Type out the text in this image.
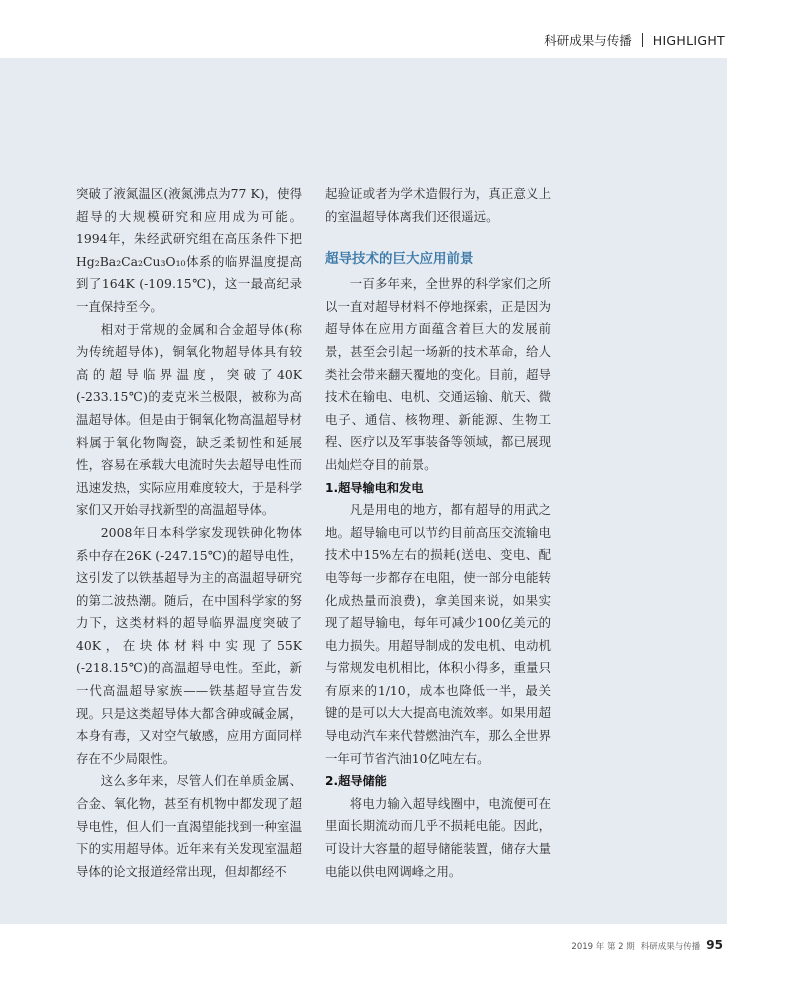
科研成果与传播 HIGHLIGHT

突破了液氮温区(液氮沸点为77 K)，使得超导的大规模研究和应用成为可能。1994年，朱经武研究组在高压条件下把Hg₂Ba₂Ca₂Cu₃O₁₀体系的临界温度提高到了164K (-109.15℃)，这一最高纪录一直保持至今。

相对于常规的金属和合金超导体(称为传统超导体)，铜氧化物超导体具有较高的超导临界温度，突破了40K (-233.15℃)的麦克米兰极限，被称为高温超导体。但是由于铜氧化物高温超导材料属于氧化物陶瓷，缺乏柔韧性和延展性，容易在承载大电流时失去超导电性而迅速发热，实际应用难度较大，于是科学家们又开始寻找新型的高温超导体。

2008年日本科学家发现铁砷化物体系中存在26K (-247.15℃)的超导电性，这引发了以铁基超导为主的高温超导研究的第二波热潮。随后，在中国科学家的努力下，这类材料的超导临界温度突破了40K，在块体材料中实现了55K (-218.15℃)的高温超导电性。至此，新一代高温超导家族——铁基超导宣告发现。只是这类超导体大都含砷或碱金属，本身有毒，又对空气敏感，应用方面同样存在不少局限性。

这么多年来，尽管人们在单质金属、合金、氧化物，甚至有机物中都发现了超导电性，但人们一直渴望能找到一种室温下的实用超导体。近年来有关发现室温超导体的论文报道经常出现，但却都经不

起验证或者为学术造假行为，真正意义上的室温超导体离我们还很遥远。

超导技术的巨大应用前景

一百多年来，全世界的科学家们之所以一直对超导材料不停地探索，正是因为超导体在应用方面蕴含着巨大的发展前景，甚至会引起一场新的技术革命，给人类社会带来翻天覆地的变化。目前，超导技术在输电、电机、交通运输、航天、微电子、通信、核物理、新能源、生物工程、医疗以及军事装备等领域，都已展现出灿烂夺目的前景。

1.超导输电和发电

凡是用电的地方，都有超导的用武之地。超导输电可以节约目前高压交流输电技术中15%左右的损耗(送电、变电、配电等每一步都存在电阻，使一部分电能转化成热量而浪费)，拿美国来说，如果实现了超导输电，每年可减少100亿美元的电力损失。用超导制成的发电机、电动机与常规发电机相比，体积小得多，重量只有原来的1/10，成本也降低一半，最关键的是可以大大提高电流效率。如果用超导电动汽车来代替燃油汽车，那么全世界一年可节省汽油10亿吨左右。

2.超导储能

将电力输入超导线圈中，电流便可在里面长期流动而几乎不损耗电能。因此，可设计大容量的超导储能装置，储存大量电能以供电网调峰之用。

2019 年 第 2 期 科研成果与传播 95
